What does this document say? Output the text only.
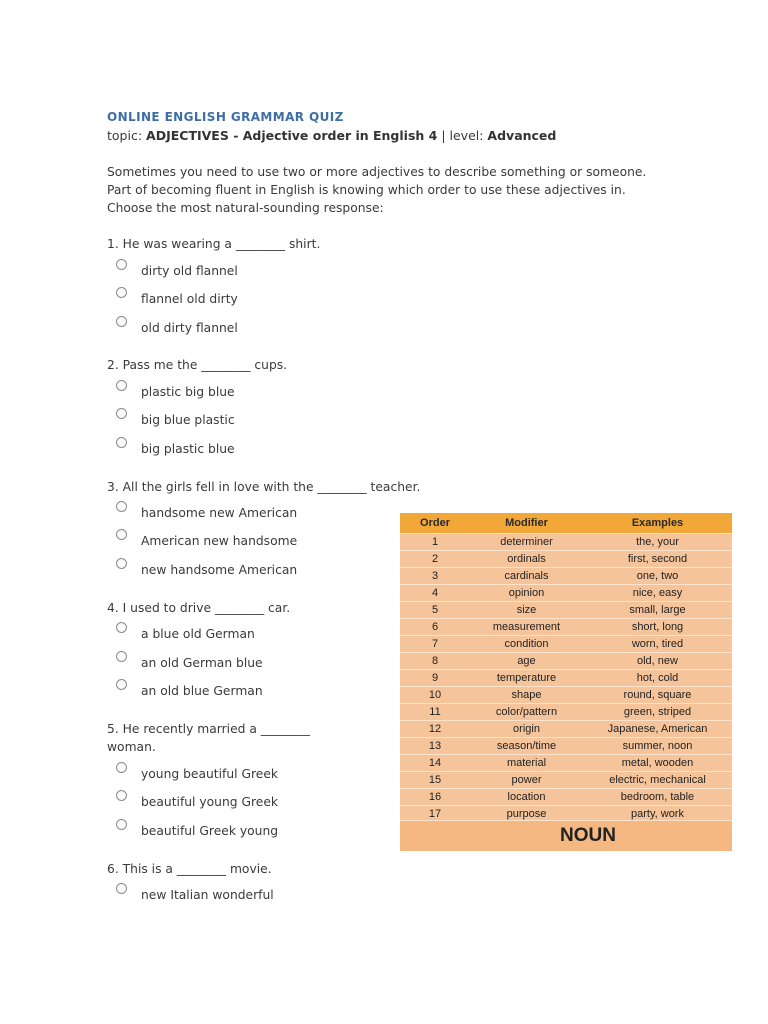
ONLINE ENGLISH GRAMMAR QUIZ
topic: ADJECTIVES - Adjective order in English 4 | level: Advanced
Sometimes you need to use two or more adjectives to describe something or someone.
Part of becoming fluent in English is knowing which order to use these adjectives in.
Choose the most natural-sounding response:
1. He was wearing a ________ shirt.
dirty old flannel
flannel old dirty
old dirty flannel
2. Pass me the ________ cups.
plastic big blue
big blue plastic
big plastic blue
3. All the girls fell in love with the ________ teacher.
handsome new American
American new handsome
new handsome American
4. I used to drive ________ car.
a blue old German
an old German blue
an old blue German
5. He recently married a ________
woman.
young beautiful Greek
beautiful young Greek
beautiful Greek young
6. This is a ________ movie.
new Italian wonderful
Order	Modifier	Examples
1	determiner	the, your
2	ordinals	first, second
3	cardinals	one, two
4	opinion	nice, easy
5	size	small, large
6	measurement	short, long
7	condition	worn, tired
8	age	old, new
9	temperature	hot, cold
10	shape	round, square
11	color/pattern	green, striped
12	origin	Japanese, American
13	season/time	summer, noon
14	material	metal, wooden
15	power	electric, mechanical
16	location	bedroom, table
17	purpose	party, work
NOUN
